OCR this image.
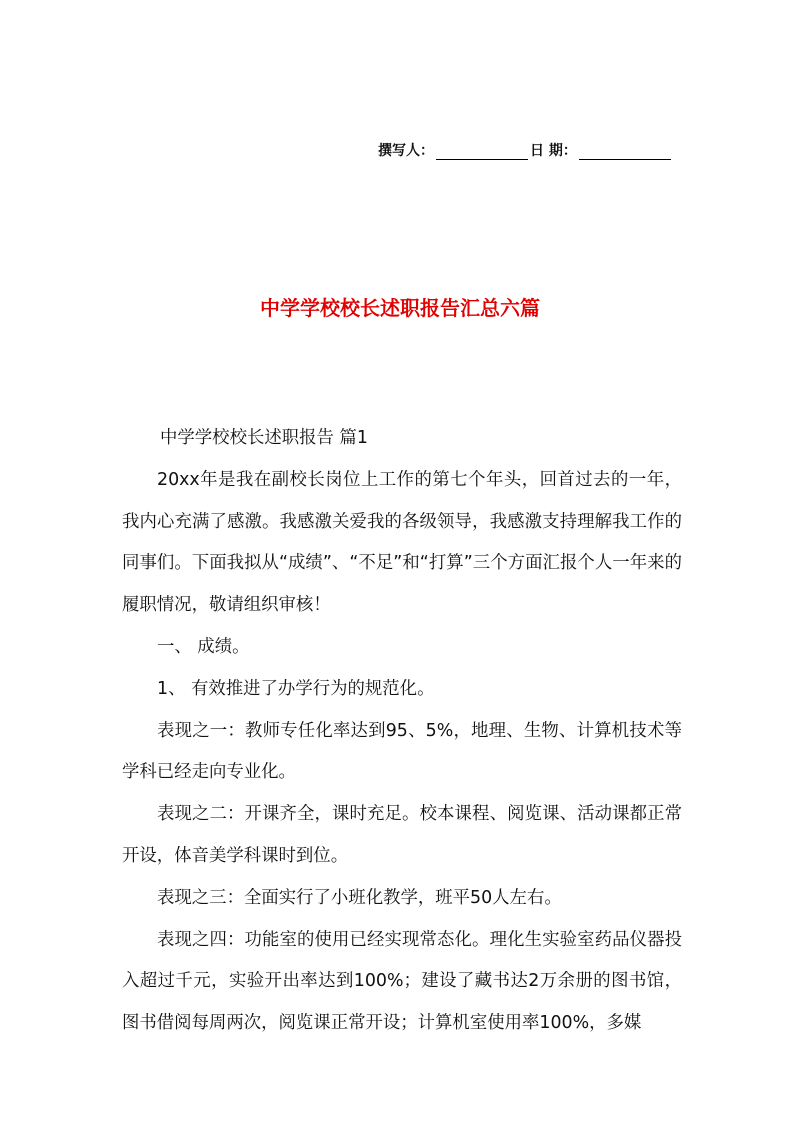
撰写人：	日 期：
中学学校校长述职报告汇总六篇

中学学校校长述职报告 篇1

20xx年是我在副校长岗位上工作的第七个年头，回首过去的一年，我内心充满了感激。我感激关爱我的各级领导，我感激支持理解我工作的同事们。下面我拟从“成绩”、“不足”和“打算”三个方面汇报个人一年来的履职情况，敬请组织审核！

一、 成绩。

1、 有效推进了办学行为的规范化。

表现之一：教师专任化率达到95、5%，地理、生物、计算机技术等学科已经走向专业化。

表现之二：开课齐全，课时充足。校本课程、阅览课、活动课都正常开设，体音美学科课时到位。

表现之三：全面实行了小班化教学，班平50人左右。

表现之四：功能室的使用已经实现常态化。理化生实验室药品仪器投入超过千元，实验开出率达到100%；建设了藏书达2万余册的图书馆，图书借阅每周两次，阅览课正常开设；计算机室使用率100%，多媒
